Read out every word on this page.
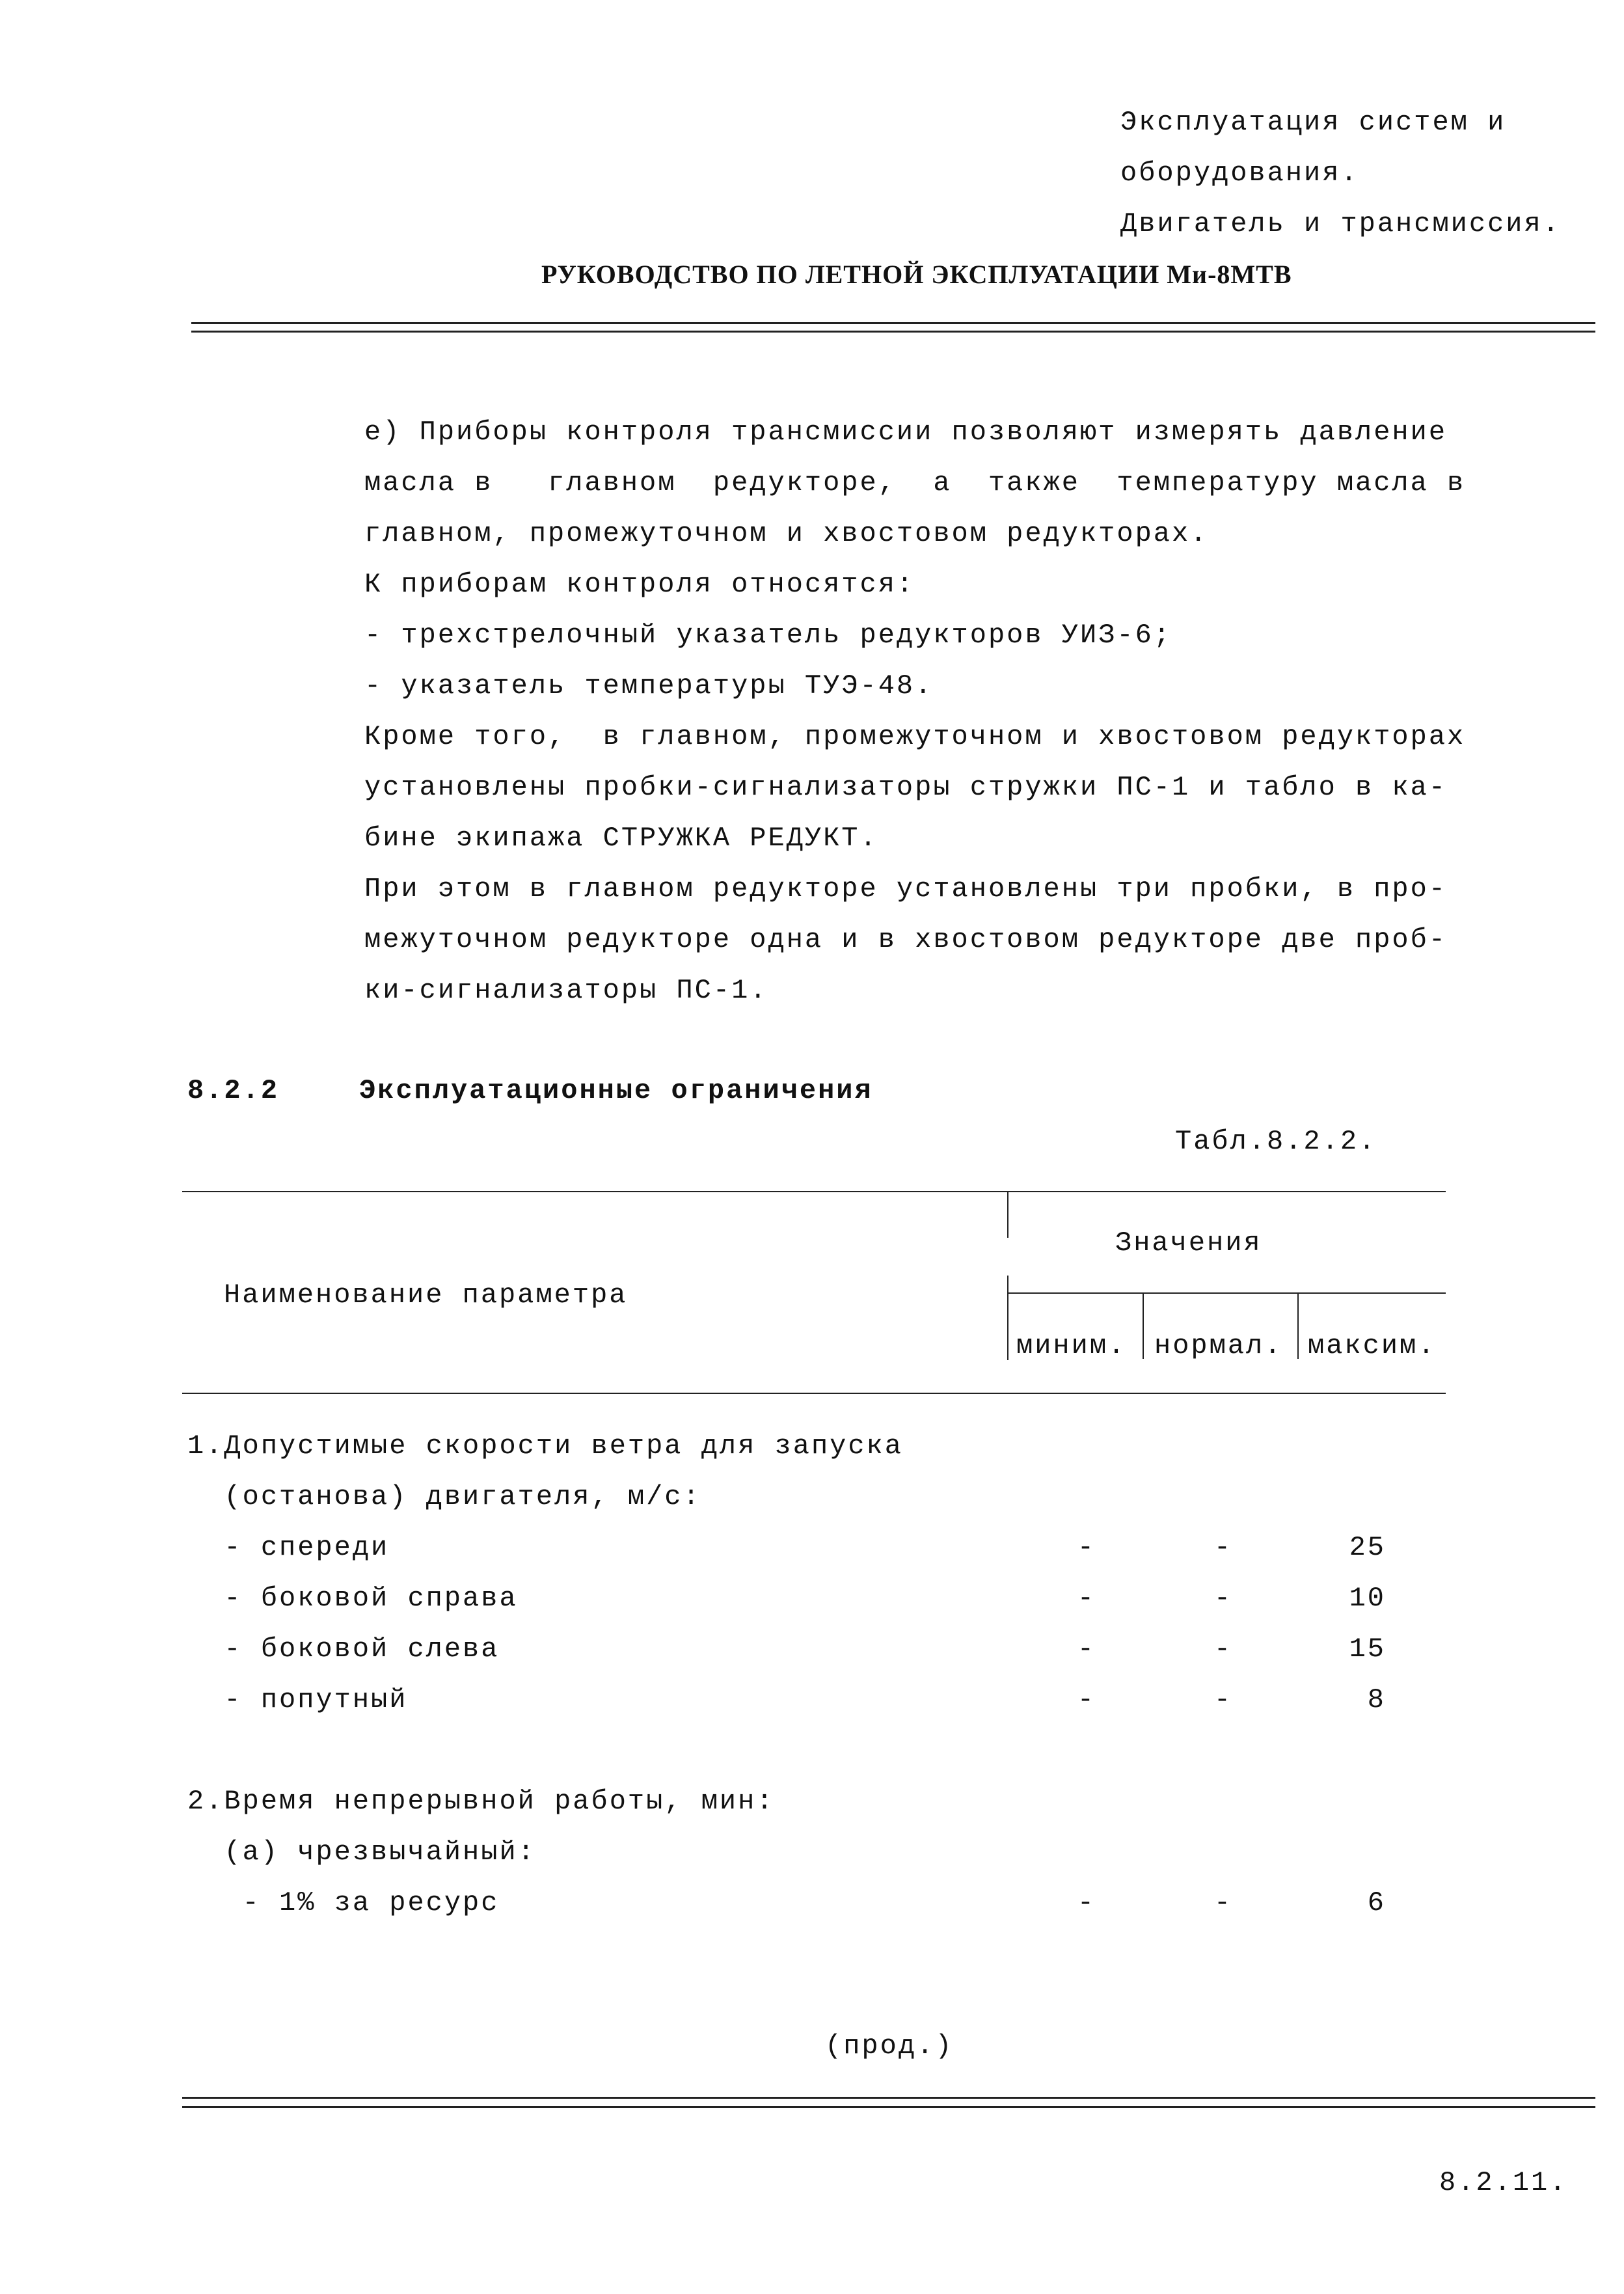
Эксплуатация систем и
оборудования.
Двигатель и трансмиссия.
РУКОВОДСТВО ПО ЛЕТНОЙ ЭКСПЛУАТАЦИИ Ми-8МТВ
е) Приборы контроля трансмиссии позволяют измерять давление
масла в   главном  редукторе,  а  также  температуру масла в
главном, промежуточном и хвостовом редукторах.
К приборам контроля относятся:
- трехстрелочный указатель редукторов УИЗ-6;
- указатель температуры ТУЭ-48.
Кроме того,  в главном, промежуточном и хвостовом редукторах
установлены пробки-сигнализаторы стружки ПС-1 и табло в ка-
бине экипажа СТРУЖКА РЕДУКТ.
При этом в главном редукторе установлены три пробки, в про-
межуточном редукторе одна и в хвостовом редукторе две проб-
ки-сигнализаторы ПС-1.
8.2.2	Эксплуатационные ограничения
Табл.8.2.2.
Значения
Наименование параметра
миним. нормал. максим.
1.Допустимые скорости ветра для запуска
(останова) двигателя, м/с:
- спереди	-	-	25
- боковой справа	-	-	10
- боковой слева	-	-	15
- попутный	-	-	8
2.Время непрерывной работы, мин:
(а) чрезвычайный:
- 1% за ресурс	-	-	6
(прод.)
8.2.11.
